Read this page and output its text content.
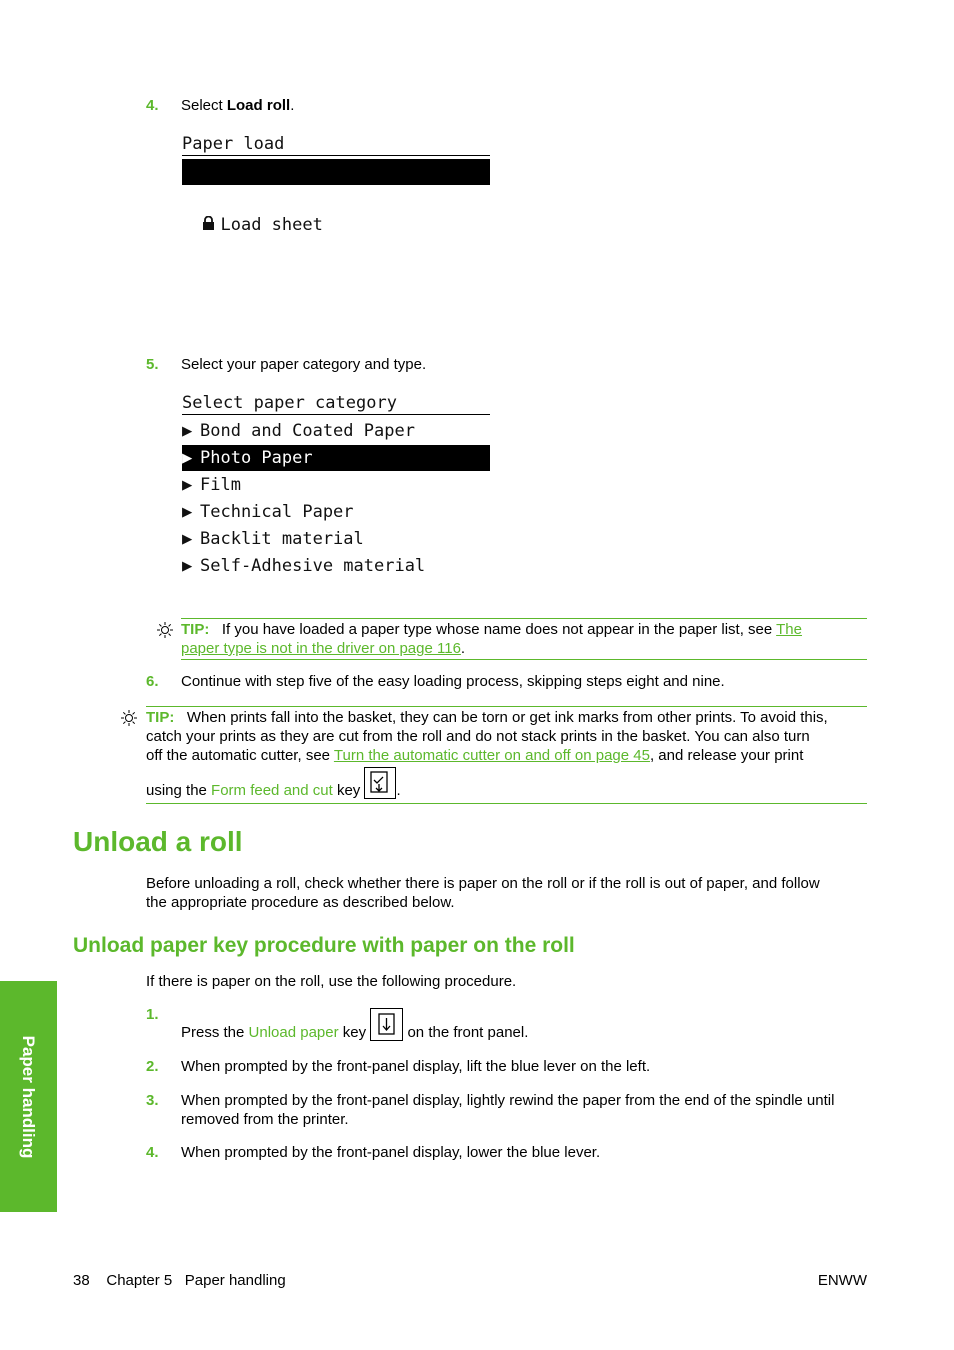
4. Select Load roll.
Paper load

Load roll

Load sheet

5. Select your paper category and type.
Select paper category
▶ Bond and Coated Paper
▶ Photo Paper
▶ Film
▶ Technical Paper
▶ Backlit material
▶ Self-Adhesive material
TIP: If you have loaded a paper type whose name does not appear in the paper list, see The
paper type is not in the driver on page 116.
6. Continue with step five of the easy loading process, skipping steps eight and nine.
TIP: When prints fall into the basket, they can be torn or get ink marks from other prints. To avoid this,
catch your prints as they are cut from the roll and do not stack prints in the basket. You can also turn
off the automatic cutter, see Turn the automatic cutter on and off on page 45, and release your print
using the Form feed and cut key .
Unload a roll
Before unloading a roll, check whether there is paper on the roll or if the roll is out of paper, and follow
the appropriate procedure as described below.
Unload paper key procedure with paper on the roll
If there is paper on the roll, use the following procedure.
1.
Press the Unload paper key
on the front panel.
2. When prompted by the front-panel display, lift the blue lever on the left.
3. When prompted by the front-panel display, lightly rewind the paper from the end of the spindle until
removed from the printer.
4. When prompted by the front-panel display, lower the blue lever.
Paper handling
38 Chapter 5 Paper handling	ENWW
